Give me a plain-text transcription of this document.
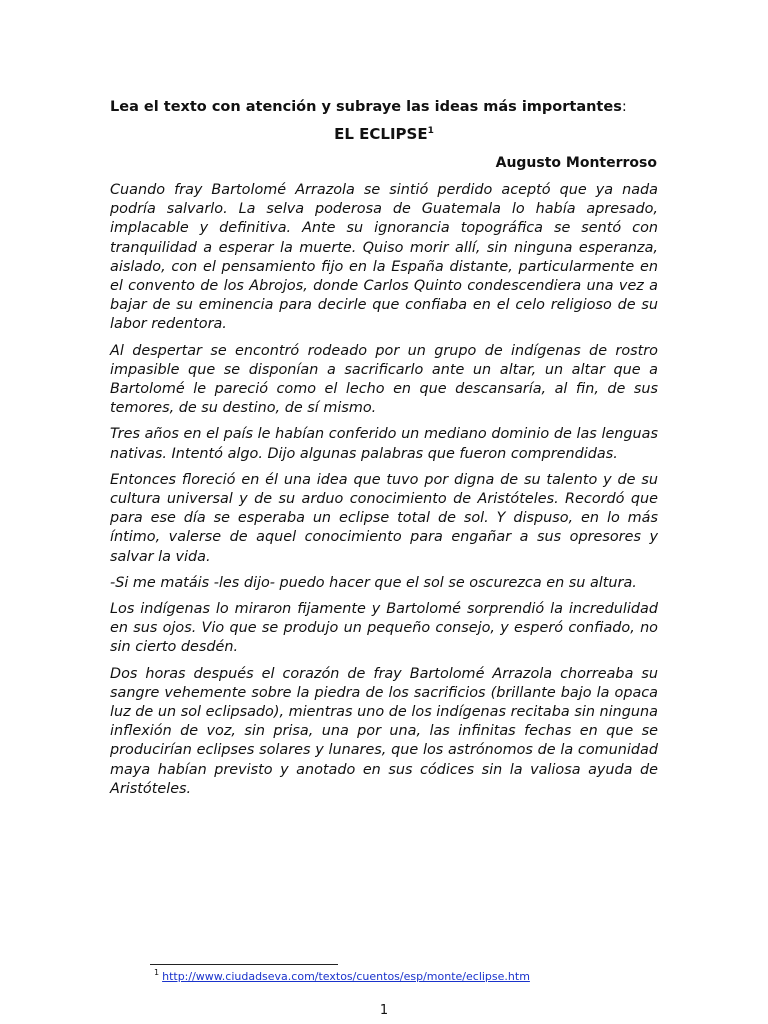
Lea el texto con atención y subraye las ideas más importantes:
EL ECLIPSE$^1$
Augusto Monterroso

Cuando fray Bartolomé Arrazola se sintió perdido aceptó que ya nada podría salvarlo. La selva poderosa de Guatemala lo había apresado, implacable y definitiva. Ante su ignorancia topográfica se sentó con tranquilidad a esperar la muerte. Quiso morir allí, sin ninguna esperanza, aislado, con el pensamiento fijo en la España distante, particularmente en el convento de los Abrojos, donde Carlos Quinto condescendiera una vez a bajar de su eminencia para decirle que confiaba en el celo religioso de su labor redentora.

Al despertar se encontró rodeado por un grupo de indígenas de rostro impasible que se disponían a sacrificarlo ante un altar, un altar que a Bartolomé le pareció como el lecho en que descansaría, al fin, de sus temores, de su destino, de sí mismo.

Tres años en el país le habían conferido un mediano dominio de las lenguas nativas. Intentó algo. Dijo algunas palabras que fueron comprendidas.

Entonces floreció en él una idea que tuvo por digna de su talento y de su cultura universal y de su arduo conocimiento de Aristóteles. Recordó que para ese día se esperaba un eclipse total de sol. Y dispuso, en lo más íntimo, valerse de aquel conocimiento para engañar a sus opresores y salvar la vida.

-Si me matáis -les dijo- puedo hacer que el sol se oscurezca en su altura.

Los indígenas lo miraron fijamente y Bartolomé sorprendió la incredulidad en sus ojos. Vio que se produjo un pequeño consejo, y esperó confiado, no sin cierto desdén.

Dos horas después el corazón de fray Bartolomé Arrazola chorreaba su sangre vehemente sobre la piedra de los sacrificios (brillante bajo la opaca luz de un sol eclipsado), mientras uno de los indígenas recitaba sin ninguna inflexión de voz, sin prisa, una por una, las infinitas fechas en que se producirían eclipses solares y lunares, que los astrónomos de la comunidad maya habían previsto y anotado en sus códices sin la valiosa ayuda de Aristóteles.

$^1$ http://www.ciudadseva.com/textos/cuentos/esp/monte/eclipse.htm
1
